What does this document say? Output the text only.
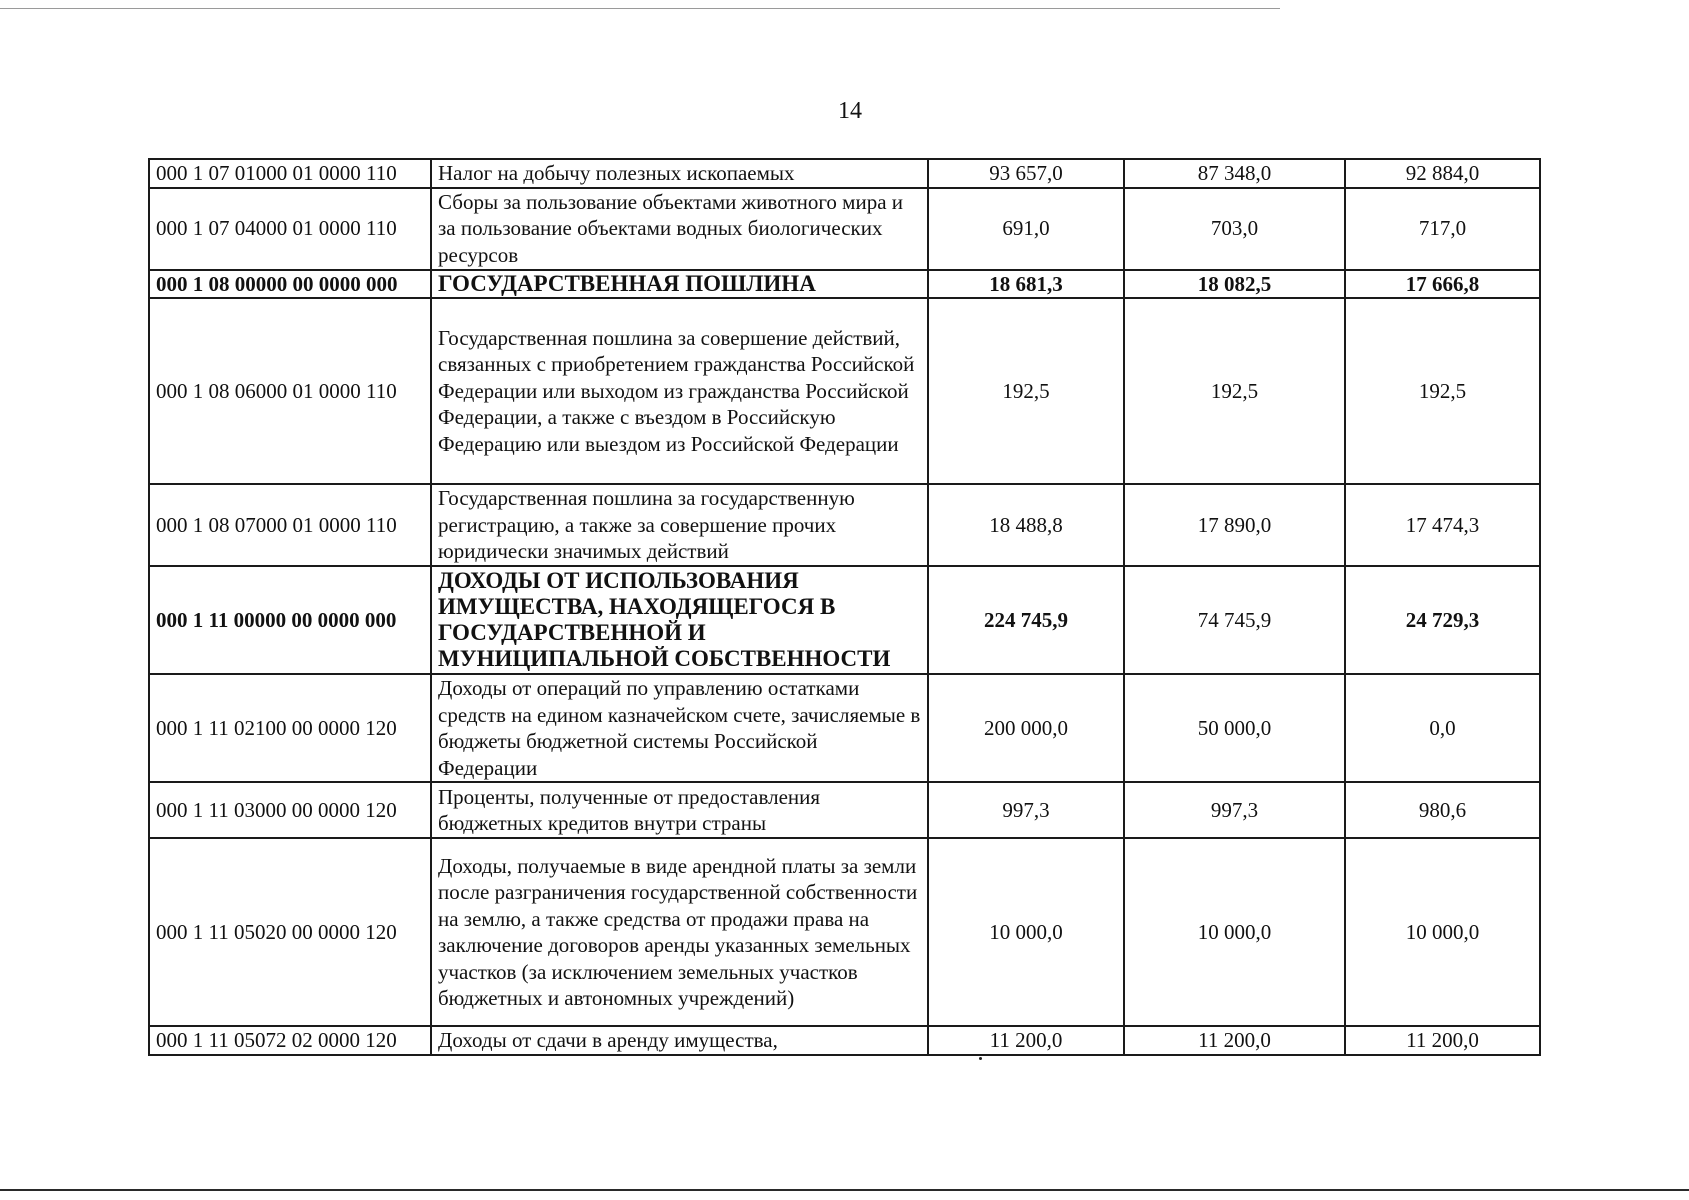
14
000 1 07 01000 01 0000 110	Налог на добычу полезных ископаемых	93 657,0	87 348,0	92 884,0
000 1 07 04000 01 0000 110	Сборы за пользование объектами животного мира и за пользование объектами водных биологических ресурсов	691,0	703,0	717,0
000 1 08 00000 00 0000 000	ГОСУДАРСТВЕННАЯ ПОШЛИНА	18 681,3	18 082,5	17 666,8
000 1 08 06000 01 0000 110	Государственная пошлина за совершение действий, связанных с приобретением гражданства Российской Федерации или выходом из гражданства Российской Федерации, а также с въездом в Российскую Федерацию или выездом из Российской Федерации	192,5	192,5	192,5
000 1 08 07000 01 0000 110	Государственная пошлина за государственную регистрацию, а также за совершение прочих юридически значимых действий	18 488,8	17 890,0	17 474,3
000 1 11 00000 00 0000 000	ДОХОДЫ ОТ ИСПОЛЬЗОВАНИЯ ИМУЩЕСТВА, НАХОДЯЩЕГОСЯ В ГОСУДАРСТВЕННОЙ И МУНИЦИПАЛЬНОЙ СОБСТВЕННОСТИ	224 745,9	74 745,9	24 729,3
000 1 11 02100 00 0000 120	Доходы от операций по управлению остатками средств на едином казначейском счете, зачисляемые в бюджеты бюджетной системы Российской Федерации	200 000,0	50 000,0	0,0
000 1 11 03000 00 0000 120	Проценты, полученные от предоставления бюджетных кредитов внутри страны	997,3	997,3	980,6
000 1 11 05020 00 0000 120	Доходы, получаемые в виде арендной платы за земли после разграничения государственной собственности на землю, а также средства от продажи права на заключение договоров аренды указанных земельных участков (за исключением земельных участков бюджетных и автономных учреждений)	10 000,0	10 000,0	10 000,0
000 1 11 05072 02 0000 120	Доходы от сдачи в аренду имущества,	11 200,0	11 200,0	11 200,0
